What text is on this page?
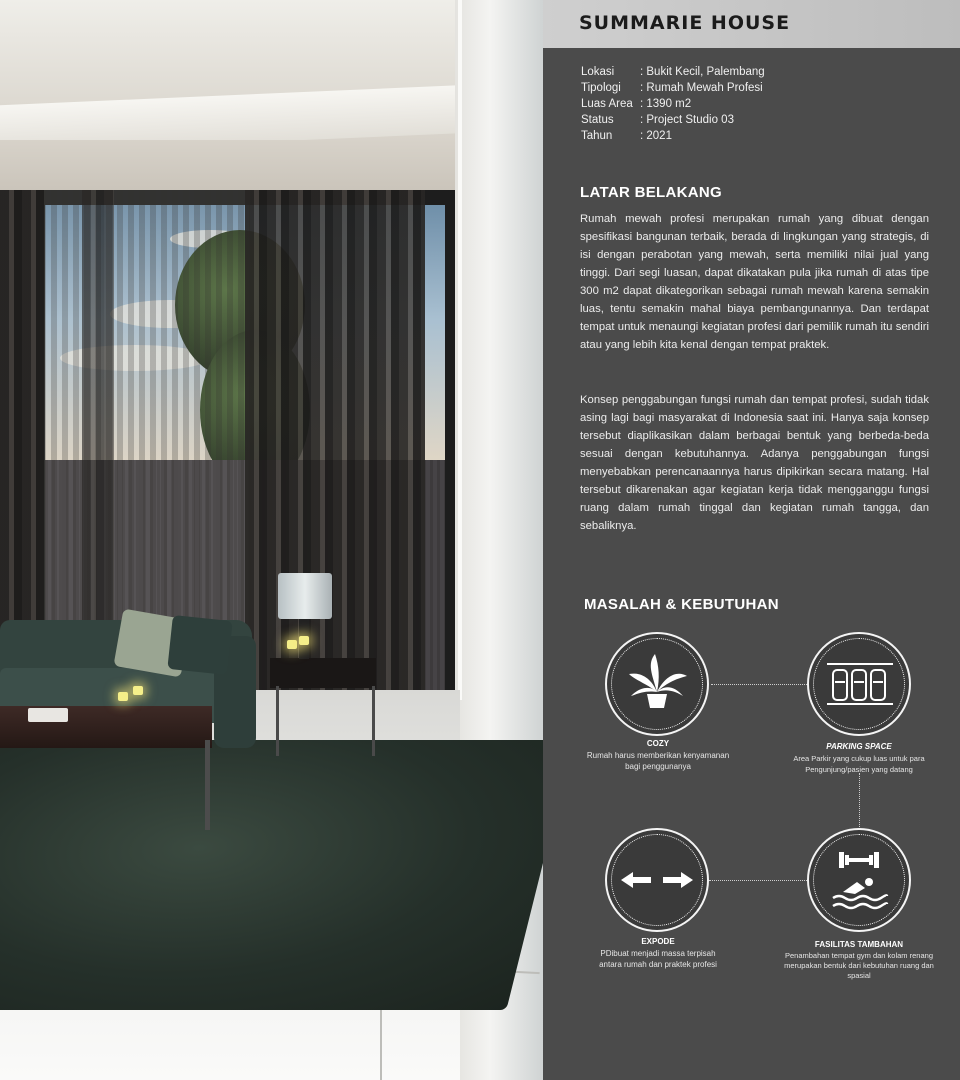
SUMMARIE HOUSE
Lokasi	: Bukit Kecil, Palembang
Tipologi	: Rumah Mewah Profesi
Luas Area : 1390 m2
Status	: Project Studio 03
Tahun	: 2021
LATAR BELAKANG
Rumah mewah profesi merupakan rumah yang dibuat dengan spesifikasi bangunan terbaik, berada di lingkungan yang strategis, di isi dengan perabotan yang mewah, serta memiliki nilai jual yang tinggi. Dari segi luasan, dapat dikatakan pula jika rumah di atas tipe 300 m2 dapat dikategorikan sebagai rumah mewah karena semakin luas, tentu semakin mahal biaya pembangunannya. Dan terdapat tempat untuk menaungi kegiatan profesi dari pemilik rumah itu sendiri atau yang lebih kita kenal dengan tempat praktek.
Konsep penggabungan fungsi rumah dan tempat profesi, sudah tidak asing lagi bagi masyarakat di Indonesia saat ini. Hanya saja konsep tersebut diaplikasikan dalam berbagai bentuk yang berbeda-beda sesuai dengan kebutuhannya. Adanya penggabungan fungsi menyebabkan perencanaannya harus dipikirkan secara matang. Hal tersebut dikarenakan agar kegiatan kerja tidak mengganggu fungsi ruang dalam rumah tinggal dan kegiatan rumah tangga, dan sebaliknya.
MASALAH & KEBUTUHAN
COZY
Rumah harus memberikan kenyamanan bagi penggunanya
PARKING SPACE
Area Parkir yang cukup luas untuk para Pengunjung/pasien yang datang
EXPODE
PDibuat menjadi massa terpisah antara rumah dan praktek profesi
FASILITAS TAMBAHAN
Penambahan tempat gym dan kolam renang merupakan bentuk dari kebutuhan ruang dan spasial
